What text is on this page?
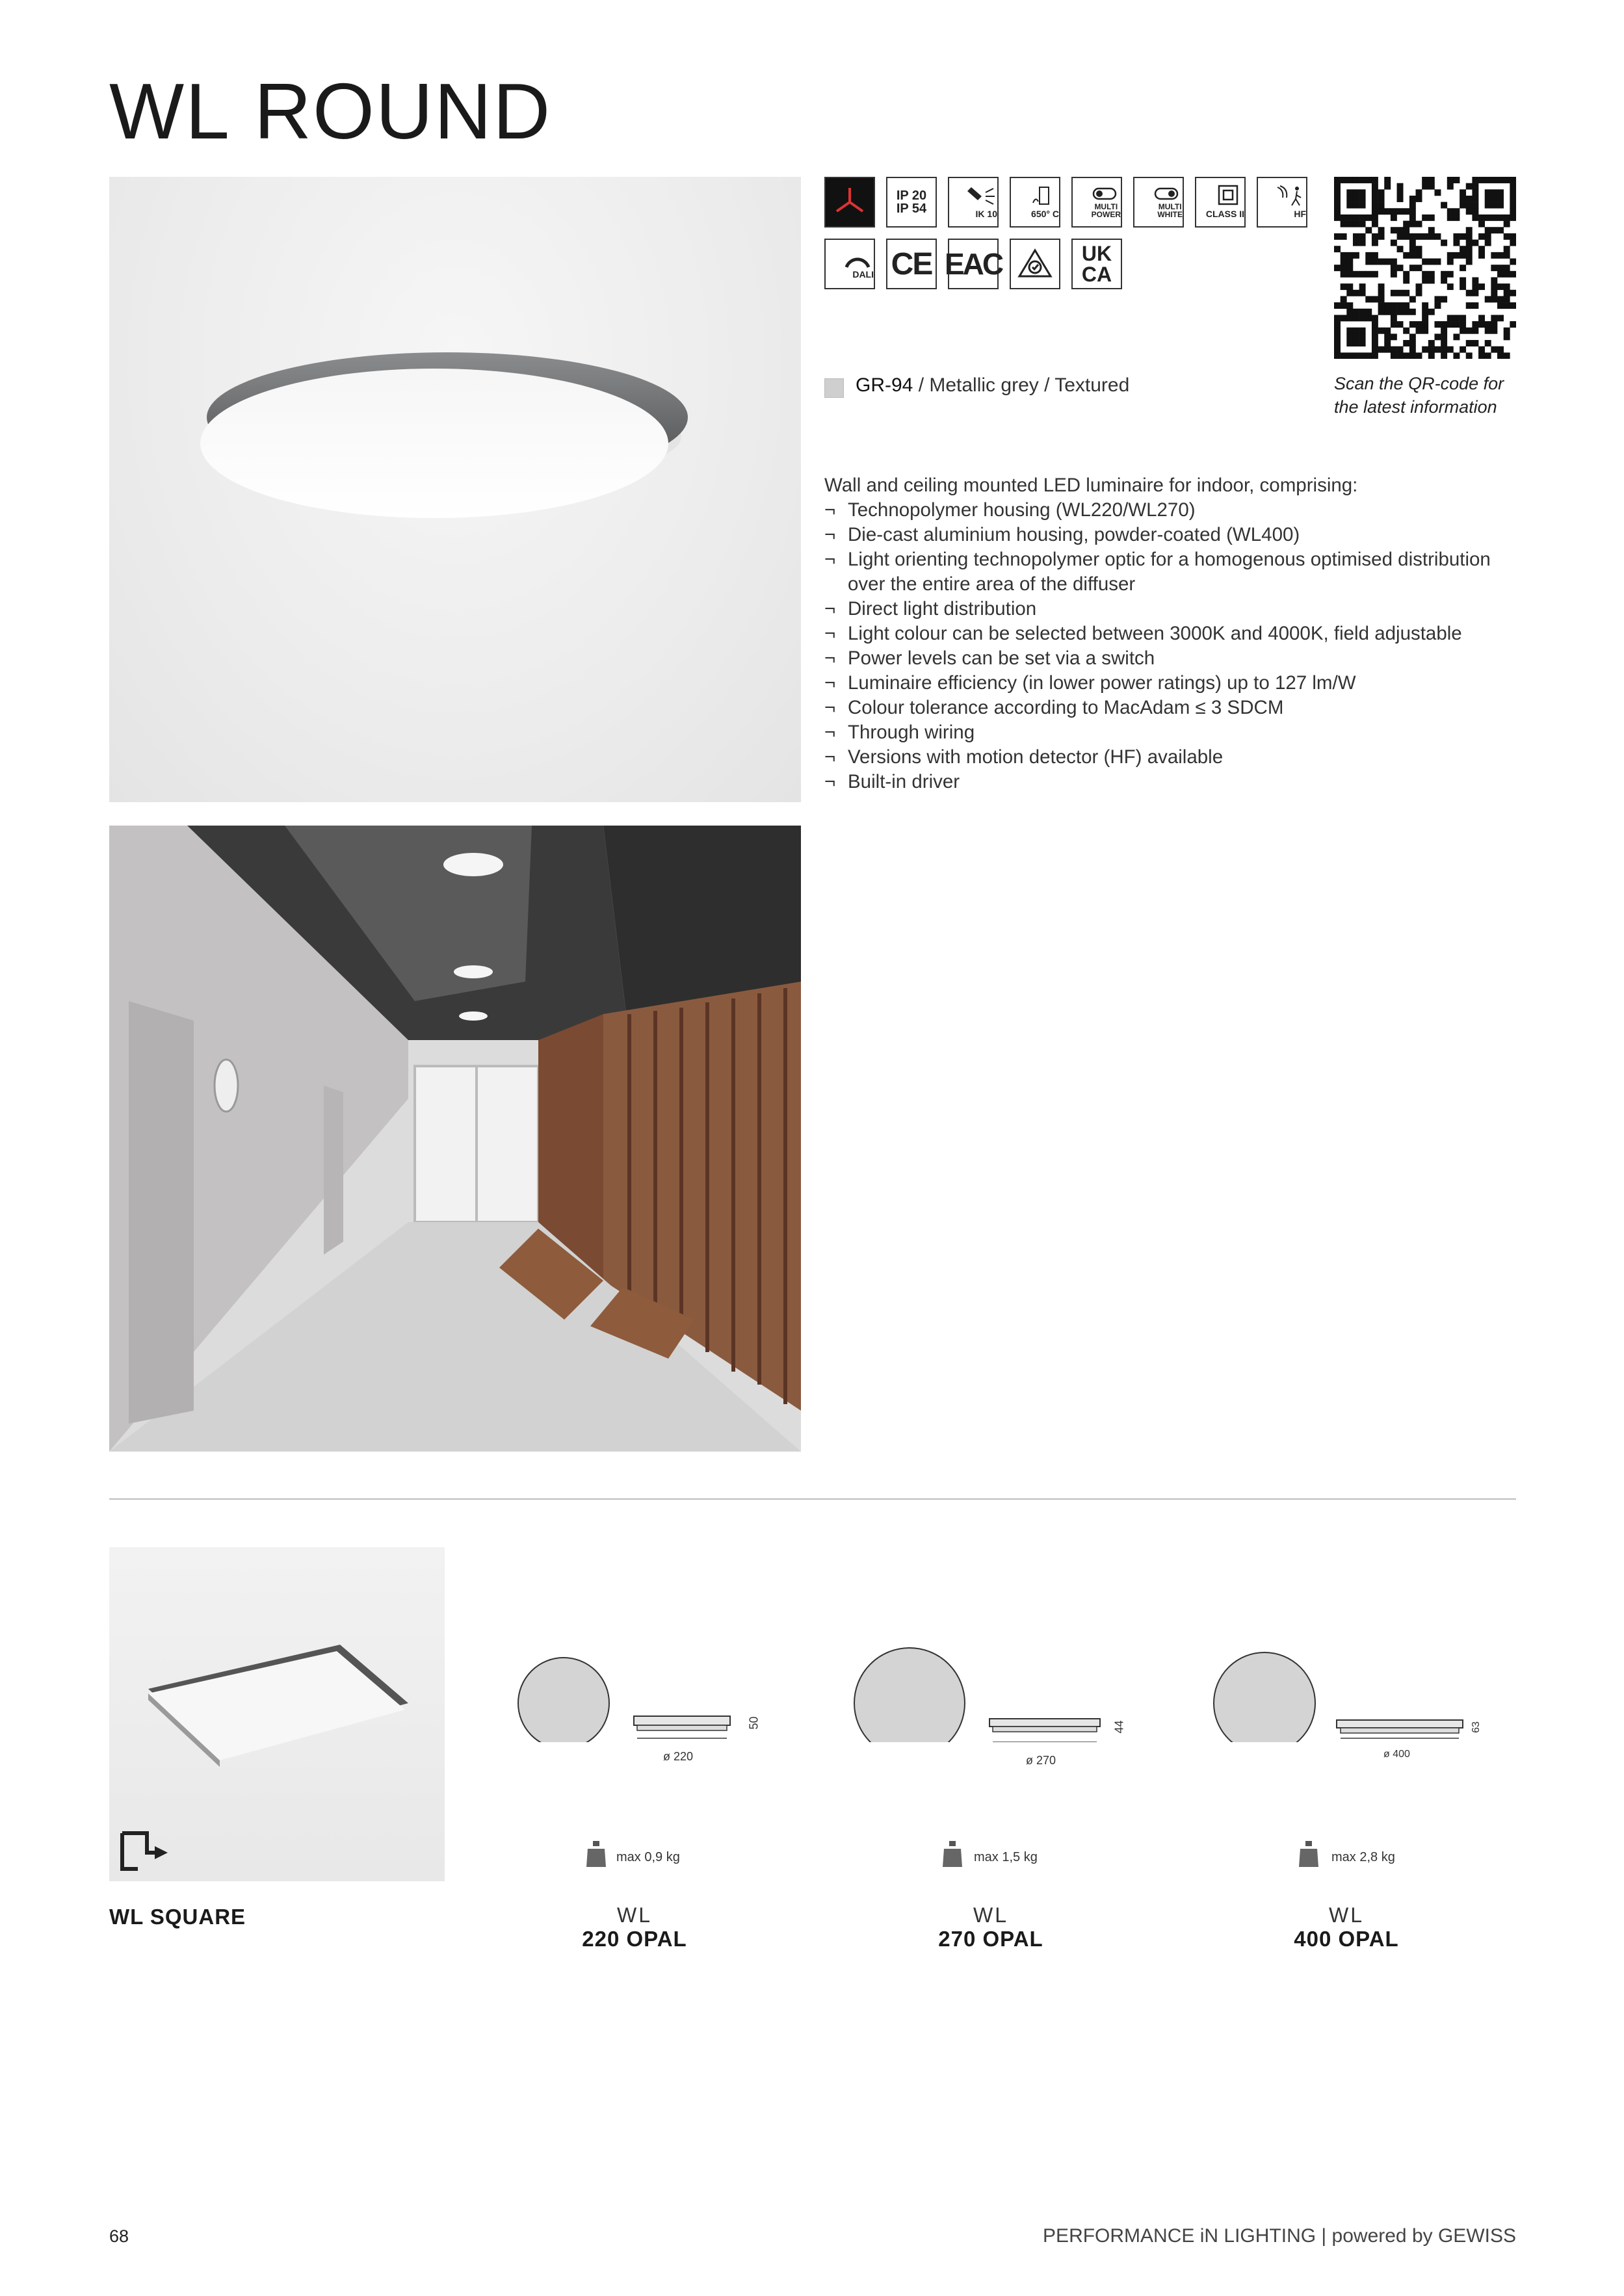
WL ROUND
IP 20
IP 54	IK 10	650° C
MULTI
POWER
MULTI
WHITE	CLASS II	HF
DALI CE EAC	UK
CA
Scan the QR-code for
the latest information
GR-94 / Metallic grey / Textured
Wall and ceiling mounted LED luminaire for indoor, comprising:
¬ Technopolymer housing (WL220/WL270)
¬ Die-cast aluminium housing, powder-coated (WL400)
¬ Light orienting technopolymer optic for a homogenous optimised distribution over the entire area of the diffuser
¬ Direct light distribution
¬ Light colour can be selected between 3000K and 4000K, field adjustable
¬ Power levels can be set via a switch
¬ Luminaire efficiency (in lower power ratings) up to 127 lm/W
¬ Colour tolerance according to MacAdam ≤ 3 SDCM
¬ Through wiring
¬ Versions with motion detector (HF) available
¬ Built-in driver
WL SQUARE
ø 220
50
max 0,9 kg
WL
220 OPAL
ø 270
44
max 1,5 kg
WL
270 OPAL
ø 400
63
max 2,8 kg
WL
400 OPAL
68	PERFORMANCE iN LIGHTING | powered by GEWISS
